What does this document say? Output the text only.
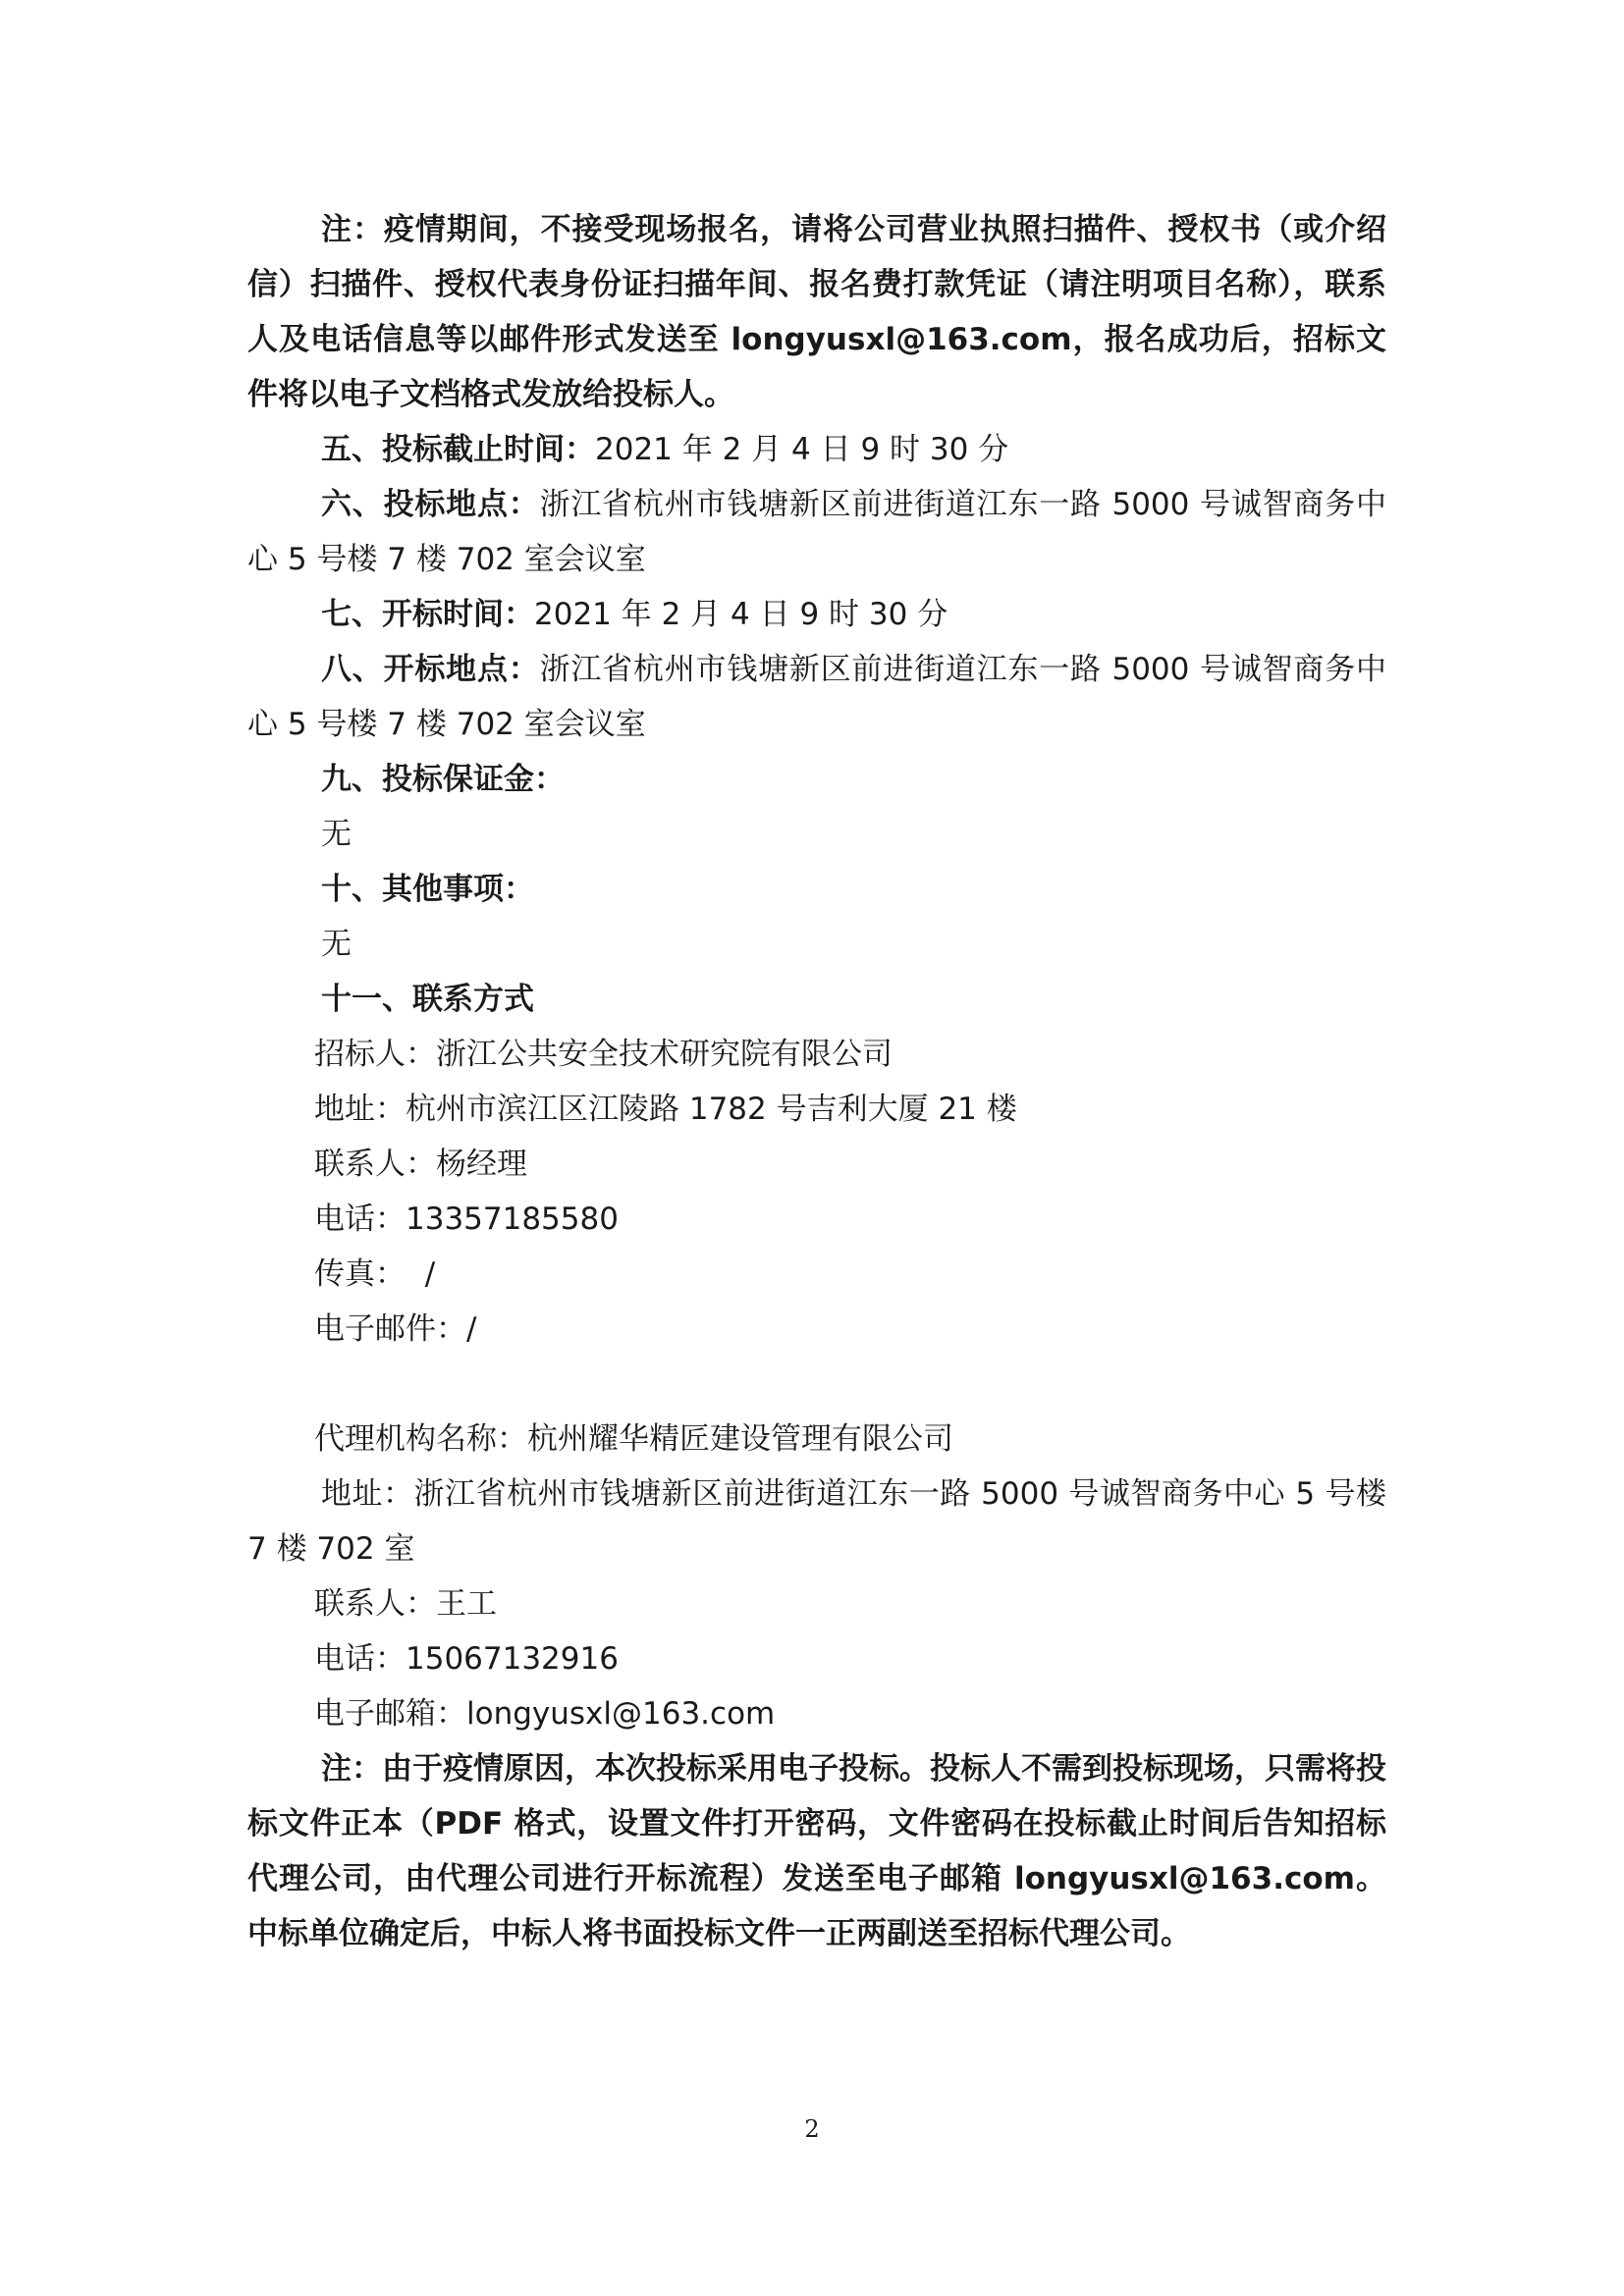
注：疫情期间，不接受现场报名，请将公司营业执照扫描件、授权书（或介绍信）扫描件、授权代表身份证扫描年间、报名费打款凭证（请注明项目名称），联系人及电话信息等以邮件形式发送至 longyusxl@163.com，报名成功后，招标文件将以电子文档格式发放给投标人。

五、投标截止时间：2021 年 2 月 4 日 9 时 30 分

六、投标地点：浙江省杭州市钱塘新区前进街道江东一路 5000 号诚智商务中心 5 号楼 7 楼 702 室会议室

七、开标时间：2021 年 2 月 4 日 9 时 30 分

八、开标地点：浙江省杭州市钱塘新区前进街道江东一路 5000 号诚智商务中心 5 号楼 7 楼 702 室会议室

九、投标保证金：

无

十、其他事项：

无

十一、联系方式

招标人：浙江公共安全技术研究院有限公司

地址：杭州市滨江区江陵路 1782 号吉利大厦 21 楼

联系人：杨经理

电话：13357185580

传真：  /

电子邮件：/

代理机构名称：杭州耀华精匠建设管理有限公司

地址：浙江省杭州市钱塘新区前进街道江东一路 5000 号诚智商务中心 5 号楼 7 楼 702 室

联系人：王工

电话：15067132916

电子邮箱：longyusxl@163.com

注：由于疫情原因，本次投标采用电子投标。投标人不需到投标现场，只需将投标文件正本（PDF 格式，设置文件打开密码，文件密码在投标截止时间后告知招标代理公司，由代理公司进行开标流程）发送至电子邮箱 longyusxl@163.com。中标单位确定后，中标人将书面投标文件一正两副送至招标代理公司。

2
